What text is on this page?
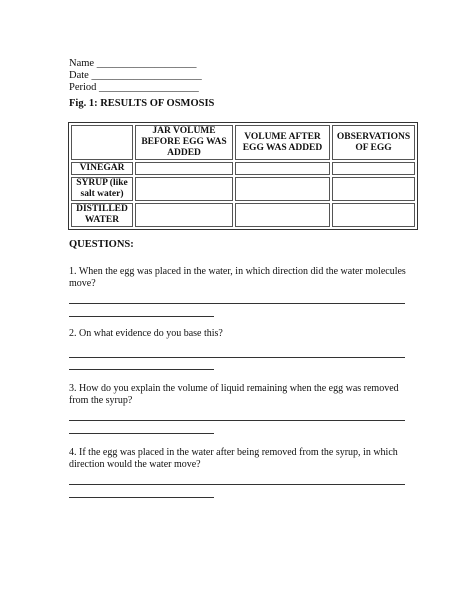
Name ___________________
Date _____________________
Period ___________________
Fig. 1: RESULTS OF OSMOSIS
	JAR VOLUME BEFORE EGG WAS ADDED	VOLUME AFTER EGG WAS ADDED	OBSERVATIONS OF EGG
VINEGAR			
SYRUP (like salt water)			
DISTILLED WATER			
QUESTIONS:
1. When the egg was placed in the water, in which direction did the water molecules move?
2. On what evidence do you base this?
3. How do you explain the volume of liquid remaining when the egg was removed from the syrup?
4. If the egg was placed in the water after being removed from the syrup, in which direction would the water move?
